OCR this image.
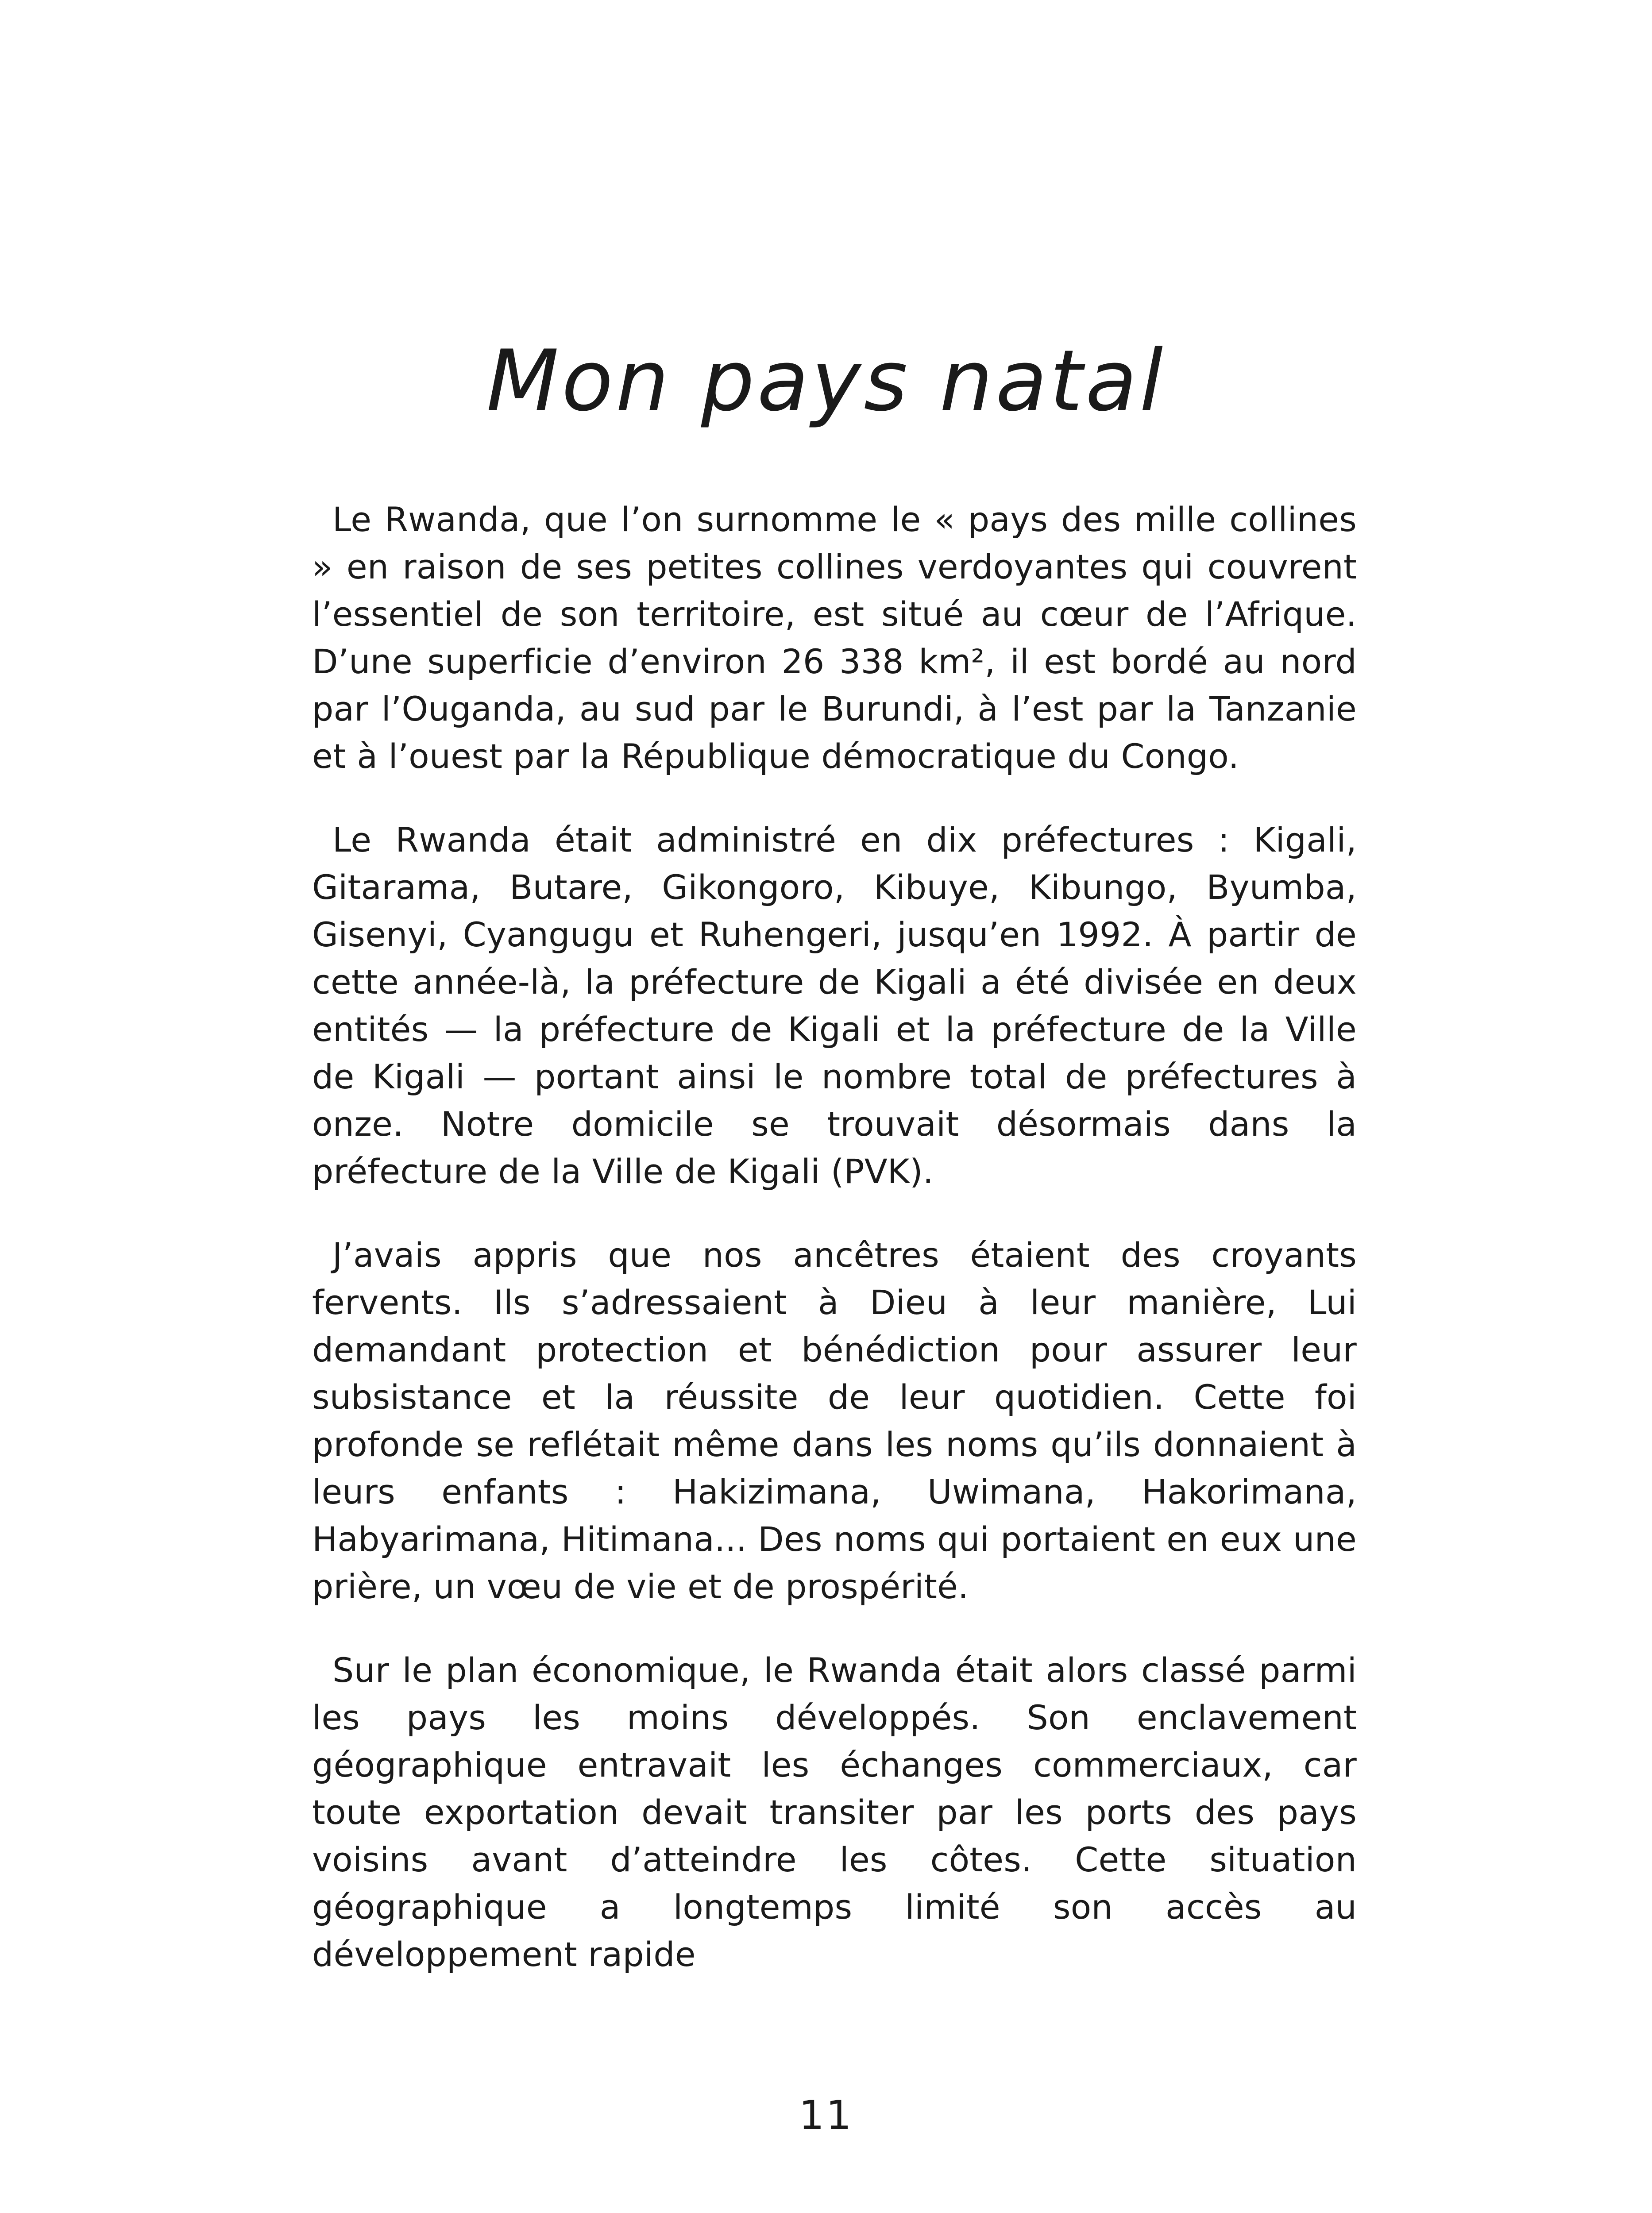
Mon pays natal

Le Rwanda, que l’on surnomme le « pays des mille collines » en raison de ses petites collines verdoyantes qui couvrent l’essentiel de son territoire, est situé au cœur de l’Afrique. D’une superficie d’environ 26 338 km², il est bordé au nord par l’Ouganda, au sud par le Burundi, à l’est par la Tanzanie et à l’ouest par la République démocratique du Congo.

Le Rwanda était administré en dix préfectures : Kigali, Gitarama, Butare, Gikongoro, Kibuye, Kibungo, Byumba, Gisenyi, Cyangugu et Ruhengeri, jusqu’en 1992. À partir de cette année-là, la préfecture de Kigali a été divisée en deux entités — la préfecture de Kigali et la préfecture de la Ville de Kigali — portant ainsi le nombre total de préfectures à onze. Notre domicile se trouvait désormais dans la préfecture de la Ville de Kigali (PVK).

J’avais appris que nos ancêtres étaient des croyants fervents. Ils s’adressaient à Dieu à leur manière, Lui demandant protection et bénédiction pour assurer leur subsistance et la réussite de leur quotidien. Cette foi profonde se reflétait même dans les noms qu’ils donnaient à leurs enfants : Hakizimana, Uwimana, Hakorimana, Habyarimana, Hitimana... Des noms qui portaient en eux une prière, un vœu de vie et de prospérité.

Sur le plan économique, le Rwanda était alors classé parmi les pays les moins développés. Son enclavement géographique entravait les échanges commerciaux, car toute exportation devait transiter par les ports des pays voisins avant d’atteindre les côtes. Cette situation géographique a longtemps limité son accès au développement rapide

11
